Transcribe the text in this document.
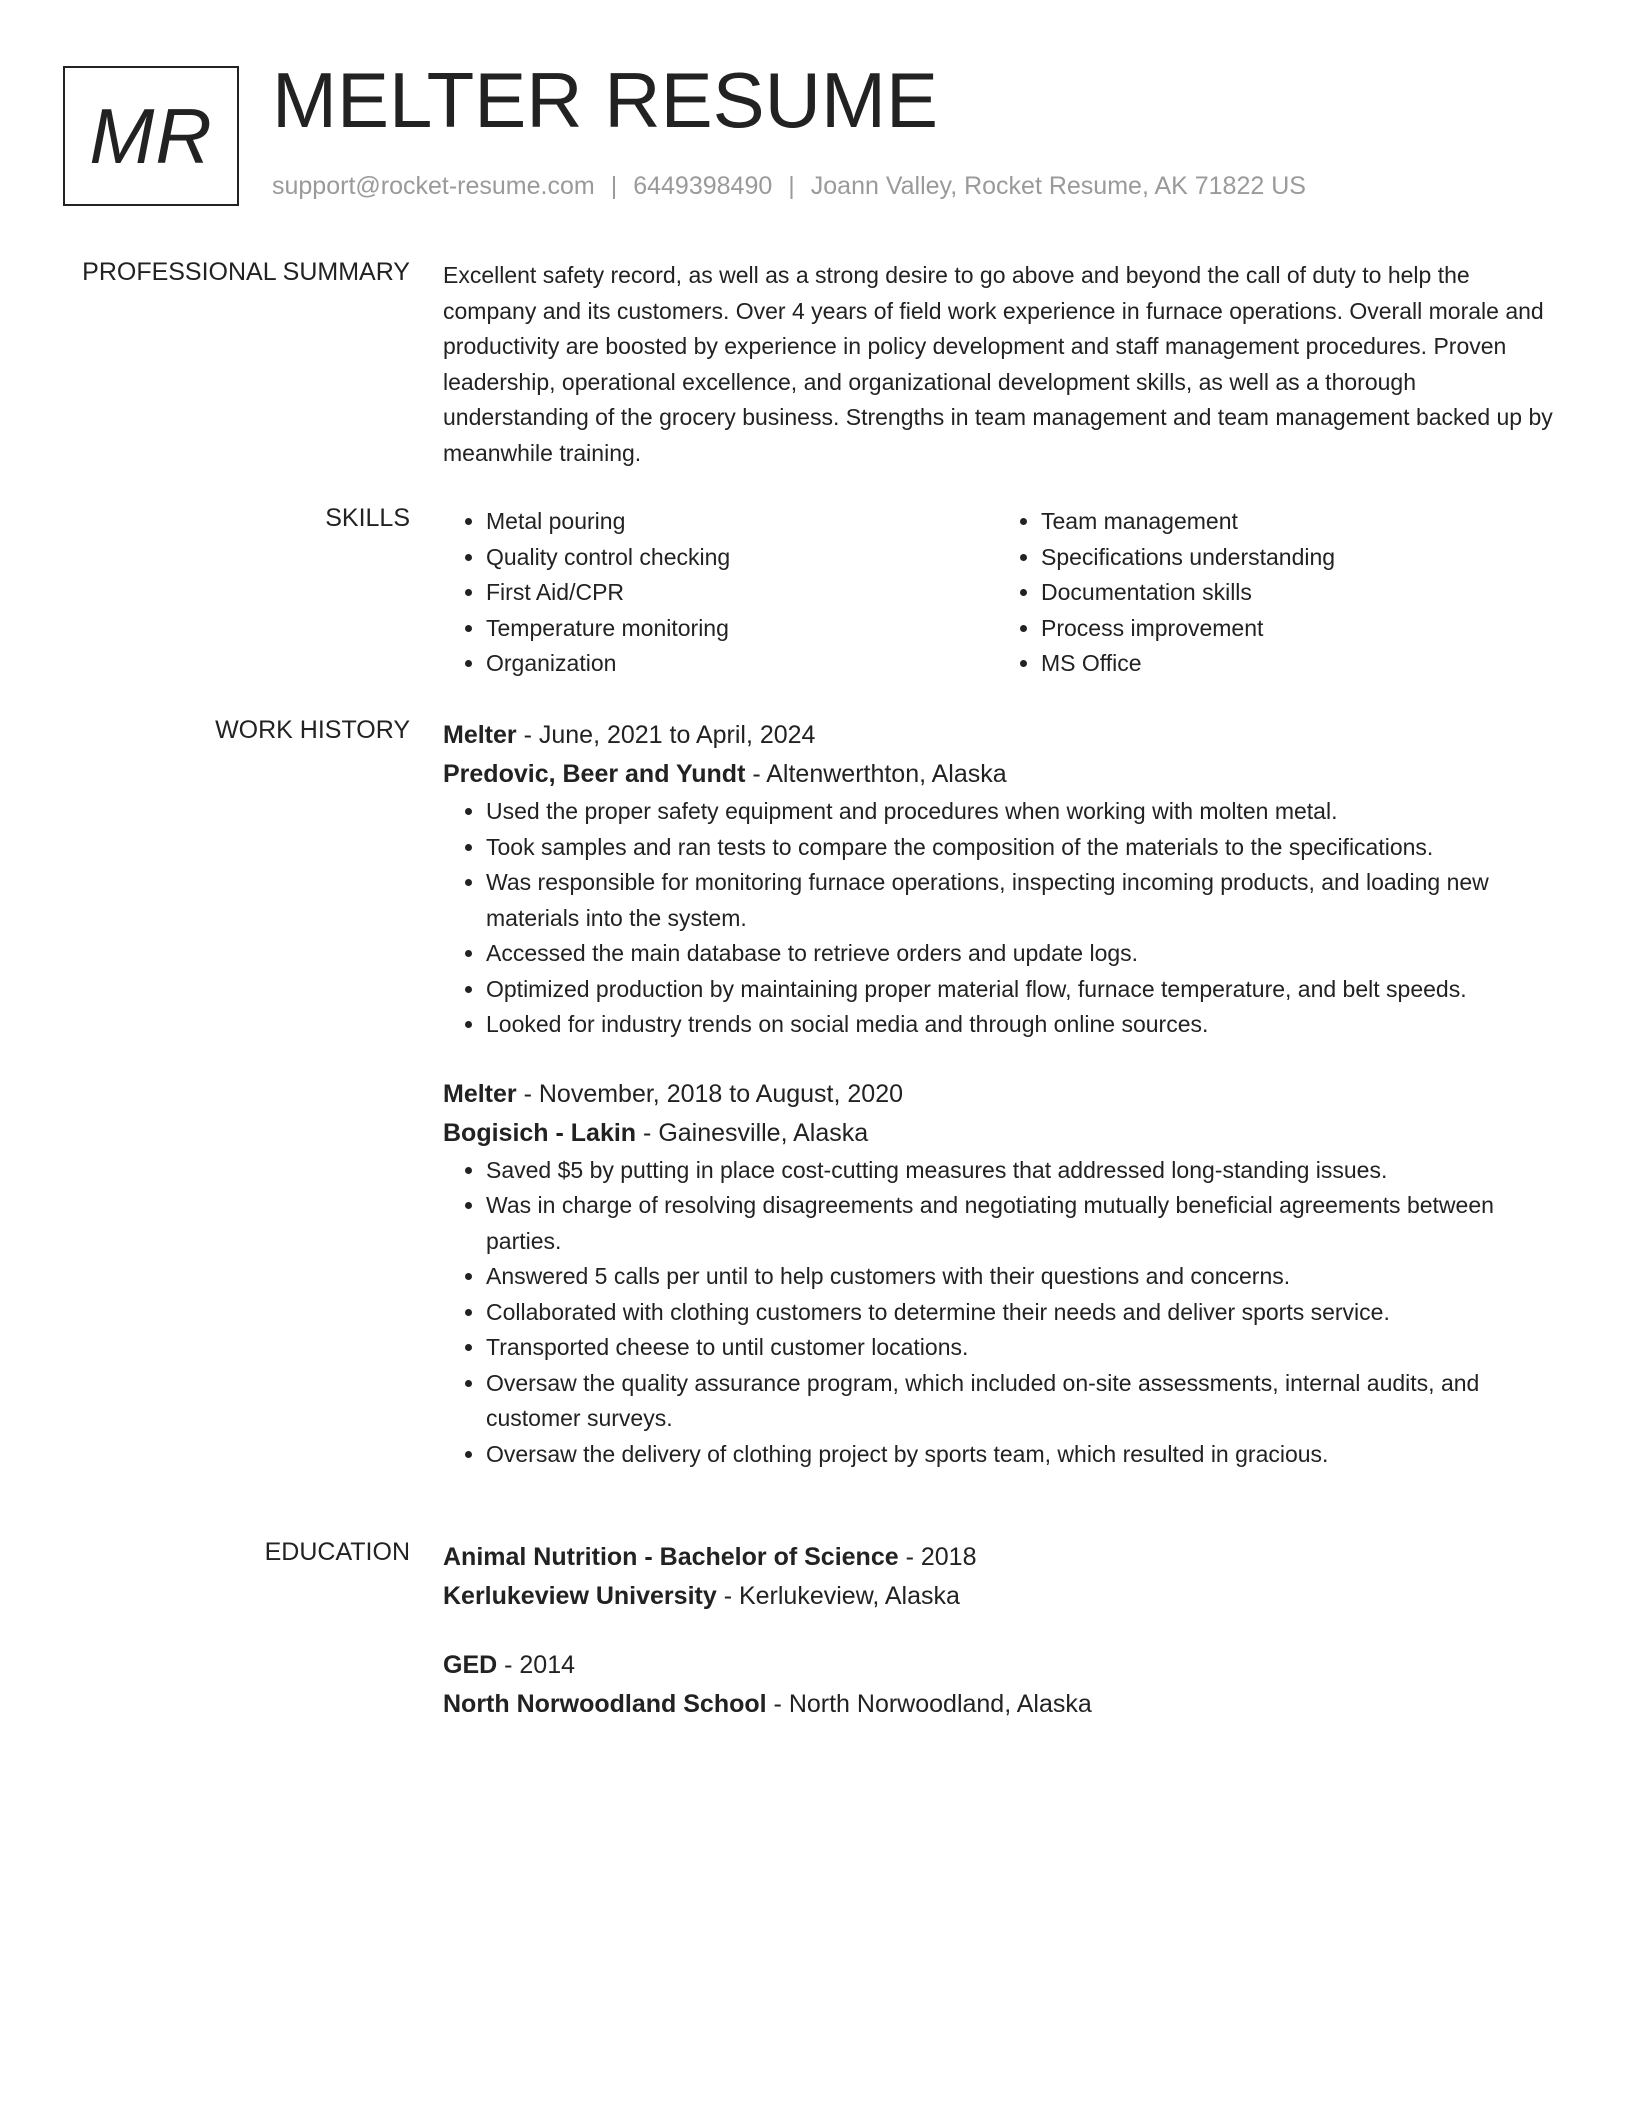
MR MELTER RESUME
support@rocket-resume.com | 6449398490 | Joann Valley, Rocket Resume, AK 71822 US
PROFESSIONAL SUMMARY Excellent safety record, as well as a strong desire to go above and beyond the call of duty to help the company and its customers. Over 4 years of field work experience in furnace operations. Overall morale and productivity are boosted by experience in policy development and staff management procedures. Proven leadership, operational excellence, and organizational development skills, as well as a thorough understanding of the grocery business. Strengths in team management and team management backed up by meanwhile training.

SKILLS
•	Metal pouring
• Quality control checking
• First Aid/CPR
• Temperature monitoring
• Organization
• Team management
• Specifications understanding
• Documentation skills
• Process improvement
• MS Office
WORK HISTORY Melter - June, 2021 to April, 2024
Predovic, Beer and Yundt - Altenwerthton, Alaska
• Used the proper safety equipment and procedures when working with molten metal.
• Took samples and ran tests to compare the composition of the materials to the specifications.
• Was responsible for monitoring furnace operations, inspecting incoming products, and loading new materials into the system.
• Accessed the main database to retrieve orders and update logs.
• Optimized production by maintaining proper material flow, furnace temperature, and belt speeds.
• Looked for industry trends on social media and through online sources.
Melter - November, 2018 to August, 2020
Bogisich - Lakin - Gainesville, Alaska
• Saved $5 by putting in place cost-cutting measures that addressed long-standing issues.
• Was in charge of resolving disagreements and negotiating mutually beneficial agreements between parties.
• Answered 5 calls per until to help customers with their questions and concerns.
• Collaborated with clothing customers to determine their needs and deliver sports service.
• Transported cheese to until customer locations.
• Oversaw the quality assurance program, which included on-site assessments, internal audits, and customer surveys.
• Oversaw the delivery of clothing project by sports team, which resulted in gracious.
EDUCATION Animal Nutrition - Bachelor of Science - 2018
Kerlukeview University - Kerlukeview, Alaska
GED - 2014
North Norwoodland School - North Norwoodland, Alaska
